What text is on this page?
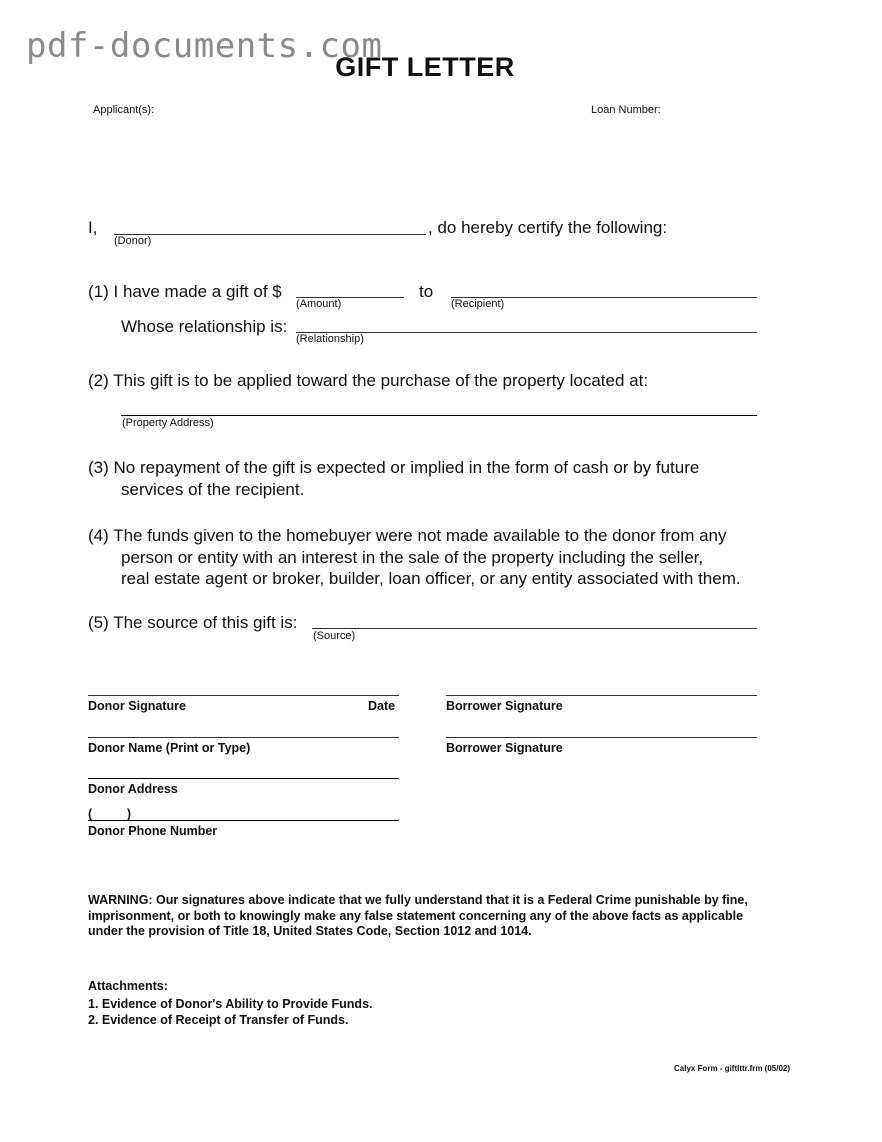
pdf-documents.com
GIFT LETTER
Applicant(s):	Loan Number:
I,
(Donor)
, do hereby certify the following:
(1) I have made a gift of $
(Amount)
to
(Recipient)
Whose relationship is:
(Relationship)
(2) This gift is to be applied toward the purchase of the property located at:
(Property Address)
(3) No repayment of the gift is expected or implied in the form of cash or by future
services of the recipient.
(4) The funds given to the homebuyer were not made available to the donor from any
person or entity with an interest in the sale of the property including the seller,
real estate agent or broker, builder, loan officer, or any entity associated with them.
(5) The source of this gift is:
(Source)
Donor Signature	Date	Borrower Signature
Donor Name (Print or Type)	Borrower Signature
Donor Address
(          )
Donor Phone Number
WARNING: Our signatures above indicate that we fully understand that it is a Federal Crime punishable by fine, imprisonment, or both to knowingly make any false statement concerning any of the above facts as applicable under the provision of Title 18, United States Code, Section 1012 and 1014.
Attachments:
1. Evidence of Donor's Ability to Provide Funds.
2. Evidence of Receipt of Transfer of Funds.
Calyx Form - giftlttr.frm (05/02)
